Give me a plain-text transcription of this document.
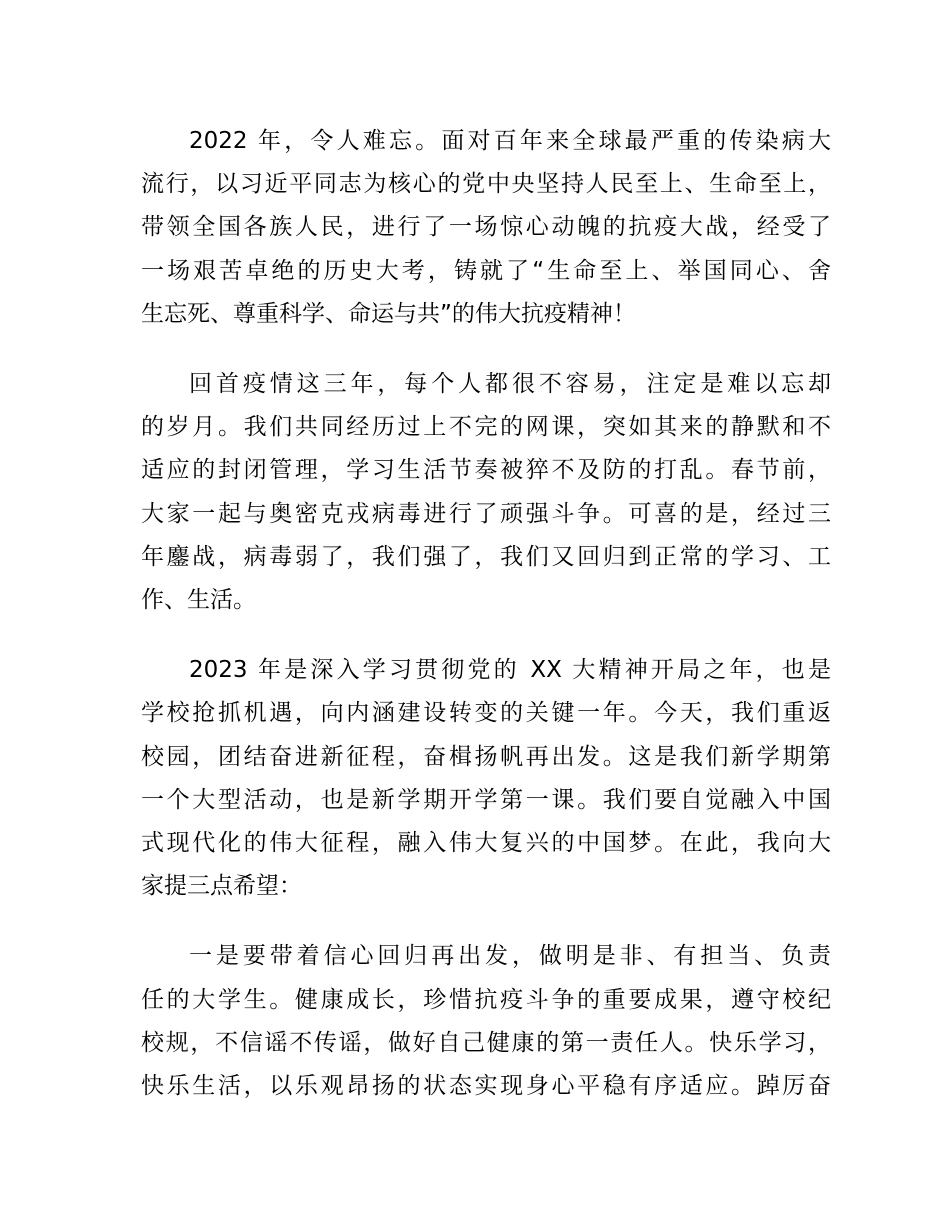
2022 年，令人难忘。面对百年来全球最严重的传染病大
流行，以习近平同志为核心的党中央坚持人民至上、生命至上，
带领全国各族人民，进行了一场惊心动魄的抗疫大战，经受了
一场艰苦卓绝的历史大考，铸就了“生命至上、举国同心、舍
生忘死、尊重科学、命运与共”的伟大抗疫精神！
回首疫情这三年，每个人都很不容易，注定是难以忘却
的岁月。我们共同经历过上不完的网课，突如其来的静默和不
适应的封闭管理，学习生活节奏被猝不及防的打乱。春节前，
大家一起与奥密克戎病毒进行了顽强斗争。可喜的是，经过三
年鏖战，病毒弱了，我们强了，我们又回归到正常的学习、工
作、生活。
2023 年是深入学习贯彻党的 XX 大精神开局之年，也是
学校抢抓机遇，向内涵建设转变的关键一年。今天，我们重返
校园，团结奋进新征程，奋楫扬帆再出发。这是我们新学期第
一个大型活动，也是新学期开学第一课。我们要自觉融入中国
式现代化的伟大征程，融入伟大复兴的中国梦。在此，我向大
家提三点希望：
一是要带着信心回归再出发，做明是非、有担当、负责
任的大学生。健康成长，珍惜抗疫斗争的重要成果，遵守校纪
校规，不信谣不传谣，做好自己健康的第一责任人。快乐学习，
快乐生活，以乐观昂扬的状态实现身心平稳有序适应。踔厉奋
